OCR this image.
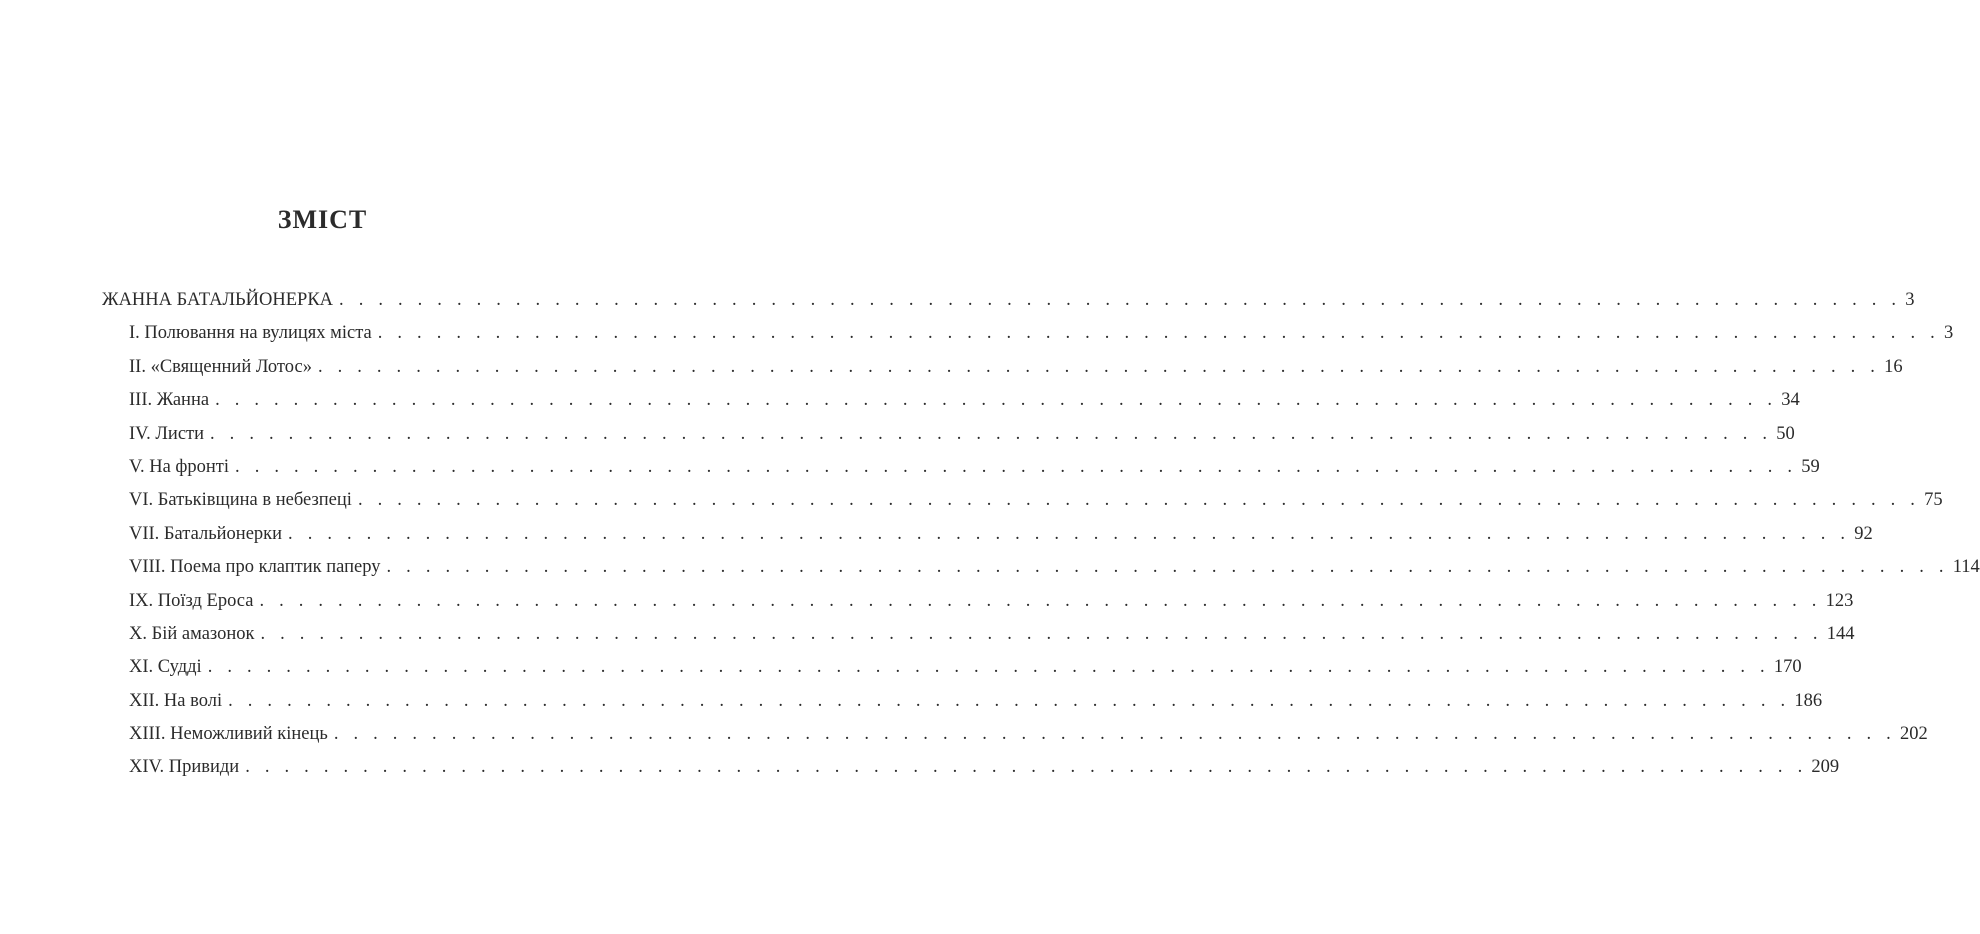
ЗМІСТ
ЖАННА БАТАЛЬЙОНЕРКА . . . . . . . . . . . . . . . . . . . . . . . . . . . . . . . . . . . . . . . . . . . . . . . . . . . . . . . . . . . . . . . . . . . . . . . . . . . . . . . . 3
I. Полювання на вулицях міста . . . . . . . . . . . . . . . . . . . . . . . . . . . . . . . . . . . . . . . . . . . . . . . . . . . . . . . . . . . . . . . . . . . . . . . . . . . . . . . . 3
II. «Священний Лотос» . . . . . . . . . . . . . . . . . . . . . . . . . . . . . . . . . . . . . . . . . . . . . . . . . . . . . . . . . . . . . . . . . . . . . . . . . . . . . . . . 16
III. Жанна . . . . . . . . . . . . . . . . . . . . . . . . . . . . . . . . . . . . . . . . . . . . . . . . . . . . . . . . . . . . . . . . . . . . . . . . . . . . . . . . 34
IV. Листи . . . . . . . . . . . . . . . . . . . . . . . . . . . . . . . . . . . . . . . . . . . . . . . . . . . . . . . . . . . . . . . . . . . . . . . . . . . . . . . . 50
V. На фронті . . . . . . . . . . . . . . . . . . . . . . . . . . . . . . . . . . . . . . . . . . . . . . . . . . . . . . . . . . . . . . . . . . . . . . . . . . . . . . . . 59
VI. Батьківщина в небезпеці . . . . . . . . . . . . . . . . . . . . . . . . . . . . . . . . . . . . . . . . . . . . . . . . . . . . . . . . . . . . . . . . . . . . . . . . . . . . . . . . 75
VII. Батальйонерки . . . . . . . . . . . . . . . . . . . . . . . . . . . . . . . . . . . . . . . . . . . . . . . . . . . . . . . . . . . . . . . . . . . . . . . . . . . . . . . . 92
VIII. Поема про клаптик паперу . . . . . . . . . . . . . . . . . . . . . . . . . . . . . . . . . . . . . . . . . . . . . . . . . . . . . . . . . . . . . . . . . . . . . . . . . . . . . . . . 114
IX. Поїзд Ероса . . . . . . . . . . . . . . . . . . . . . . . . . . . . . . . . . . . . . . . . . . . . . . . . . . . . . . . . . . . . . . . . . . . . . . . . . . . . . . . . 123
X. Бій амазонок . . . . . . . . . . . . . . . . . . . . . . . . . . . . . . . . . . . . . . . . . . . . . . . . . . . . . . . . . . . . . . . . . . . . . . . . . . . . . . . . 144
XI. Судді . . . . . . . . . . . . . . . . . . . . . . . . . . . . . . . . . . . . . . . . . . . . . . . . . . . . . . . . . . . . . . . . . . . . . . . . . . . . . . . . 170
XII. На волі . . . . . . . . . . . . . . . . . . . . . . . . . . . . . . . . . . . . . . . . . . . . . . . . . . . . . . . . . . . . . . . . . . . . . . . . . . . . . . . . 186
XIII. Неможливий кінець . . . . . . . . . . . . . . . . . . . . . . . . . . . . . . . . . . . . . . . . . . . . . . . . . . . . . . . . . . . . . . . . . . . . . . . . . . . . . . . . 202
XIV. Привиди . . . . . . . . . . . . . . . . . . . . . . . . . . . . . . . . . . . . . . . . . . . . . . . . . . . . . . . . . . . . . . . . . . . . . . . . . . . . . . . . 209
